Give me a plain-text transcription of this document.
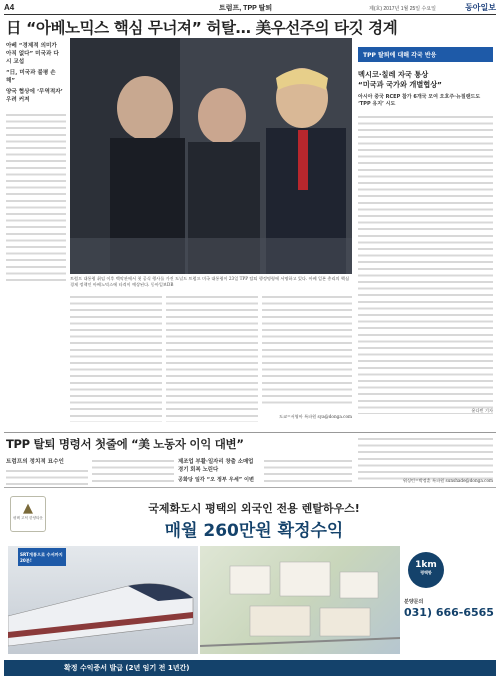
A4	트럼프, TPP 탈퇴	제(호) 2017년 1월 25일 수요일	동아일보
日 “아베노믹스 핵심 무너져” 허탈… 美우선주의 타깃 경계
아베 “경제적 의미가 아직 없다” 미국과 다시 교섭
“日, 미국과 불평 손해”
양국 협상에 ‘무역적자’ 우려 커져
트럼프 대통령 취임 이후 백악관에서 첫 공식 행사를 가진 도널드 트럼프 미국 대통령이 23일 TPP 탈퇴 행정명령에 서명하고 있다. 아베 일본 총리의 핵심 경제 정책인 아베노믹스에 타격이 예상된다. 동아일보DB
도쿄=서영아 특파원 sya@donga.com
TPP 탈퇴에 대해 각국 반응
멕시코·칠레 자국 통상
“미국과 국가와 개별협상”
아시아 중국 RCEP 참가 6개국 모여 오호주·뉴질랜드도 ‘TPP 유지’ 시도
윤다빈 기자
TPP 탈퇴 명령서 첫줄에 “美 노동자 이익 대변”
트럼프의 정치적 묘수인	제조업 부활·일자리 창출 소매업 경기 회복 노린다
공화당 일각 “오 정부 우세” 이변	워싱턴=박정훈 특파원 sunshade@donga.com
▲
평택 고덕 한양타운
국제화도시 평택의 외국인 전용 렌탈하우스!
매월 260만원 확정수익
SRT개통으로 수서까지 20분!	1km
평택항
분양문의
031) 666-6565
확정 수익증서 발급 (2년 임기 전 1년간)
